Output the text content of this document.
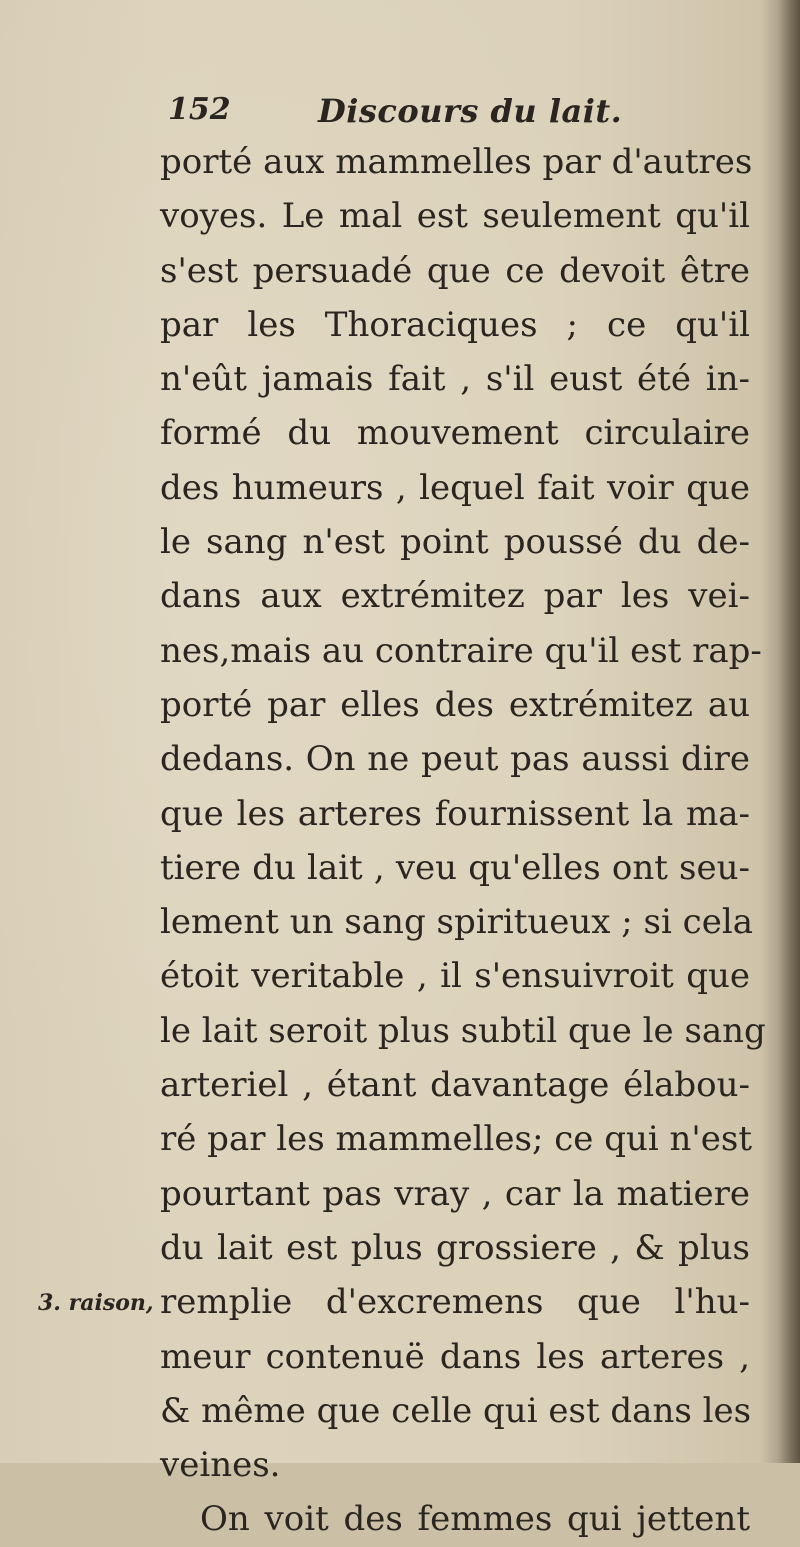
152	Discours du lait.
porté aux mammelles par d'autres
voyes. Le mal est seulement qu'il
s'est persuadé que ce devoit être
par les Thoraciques ; ce qu'il
n'eût jamais fait , s'il eust été in-
formé du mouvement circulaire
des humeurs , lequel fait voir que
le sang n'est point poussé du de-
dans aux extrémitez par les vei-
nes,mais au contraire qu'il est rap-
porté par elles des extrémitez au
dedans. On ne peut pas aussi dire
que les arteres fournissent la ma-
tiere du lait , veu qu'elles ont seu-
lement un sang spiritueux ; si cela
étoit veritable , il s'ensuivroit que
le lait seroit plus subtil que le sang
arteriel , étant davantage élabou-
ré par les mammelles; ce qui n'est
pourtant pas vray , car la matiere
du lait est plus grossiere , & plus
remplie d'excremens que l'hu-
meur contenuë dans les arteres ,
& même que celle qui est dans les
veines.
On voit des femmes qui jettent
3. raison,
